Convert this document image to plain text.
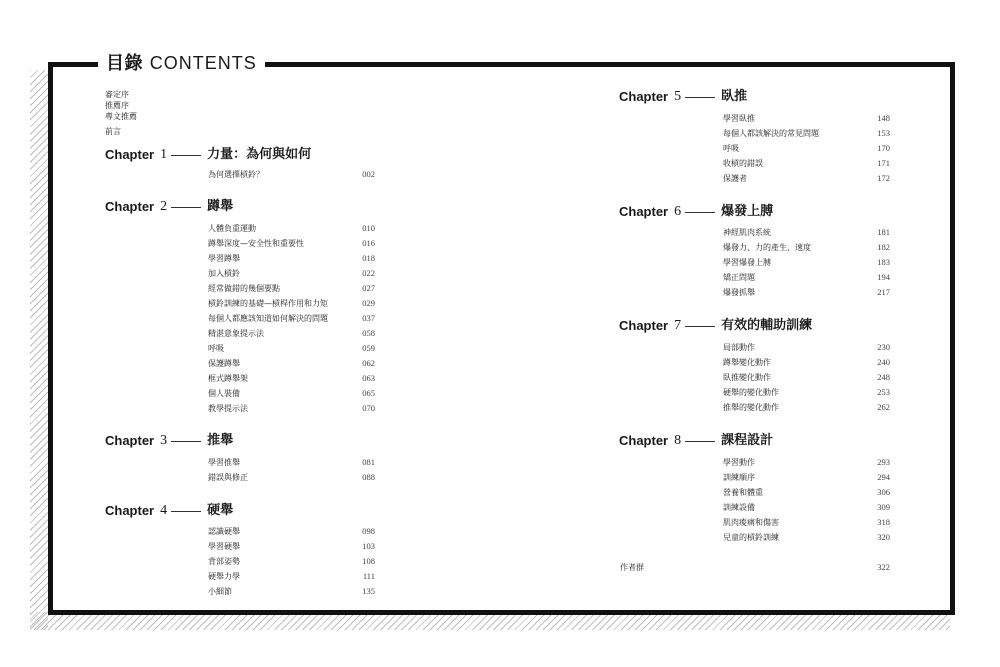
目錄 CONTENTS
審定序
推薦序
專文推薦
前言
Chapter 1	力量：為何與如何
為何選擇槓鈴？	002
Chapter 2	蹲舉
人體負重運動	010
蹲舉深度—安全性和重要性	016
學習蹲舉	018
加入槓鈴	022
經常做錯的幾個要點	027
槓鈴訓練的基礎—槓桿作用和力矩	029
每個人都應該知道如何解決的問題	037
精湛意象提示法	058
呼吸	059
保護蹲舉	062
框式蹲舉架	063
個人裝備	065
教學提示法	070
Chapter 3	推舉
學習推舉	081
錯誤與修正	088
Chapter 4	硬舉
認識硬舉	098
學習硬舉	103
背部姿勢	108
硬舉力學	111
小細節	135
Chapter 5	臥推
學習臥推	148
每個人都該解決的常見問題	153
呼吸	170
收槓的錯誤	171
保護者	172
Chapter 6	爆發上膊
神經肌肉系統	181
爆發力、力的產生、速度	182
學習爆發上膊	183
矯正問題	194
爆發抓舉	217
Chapter 7	有效的輔助訓練
局部動作	230
蹲舉變化動作	240
臥推變化動作	248
硬舉的變化動作	253
推舉的變化動作	262
Chapter 8	課程設計
學習動作	293
訓練順序	294
營養和體重	306
訓練設備	309
肌肉痠痛和傷害	318
兒童的槓鈴訓練	320
作者群	322
